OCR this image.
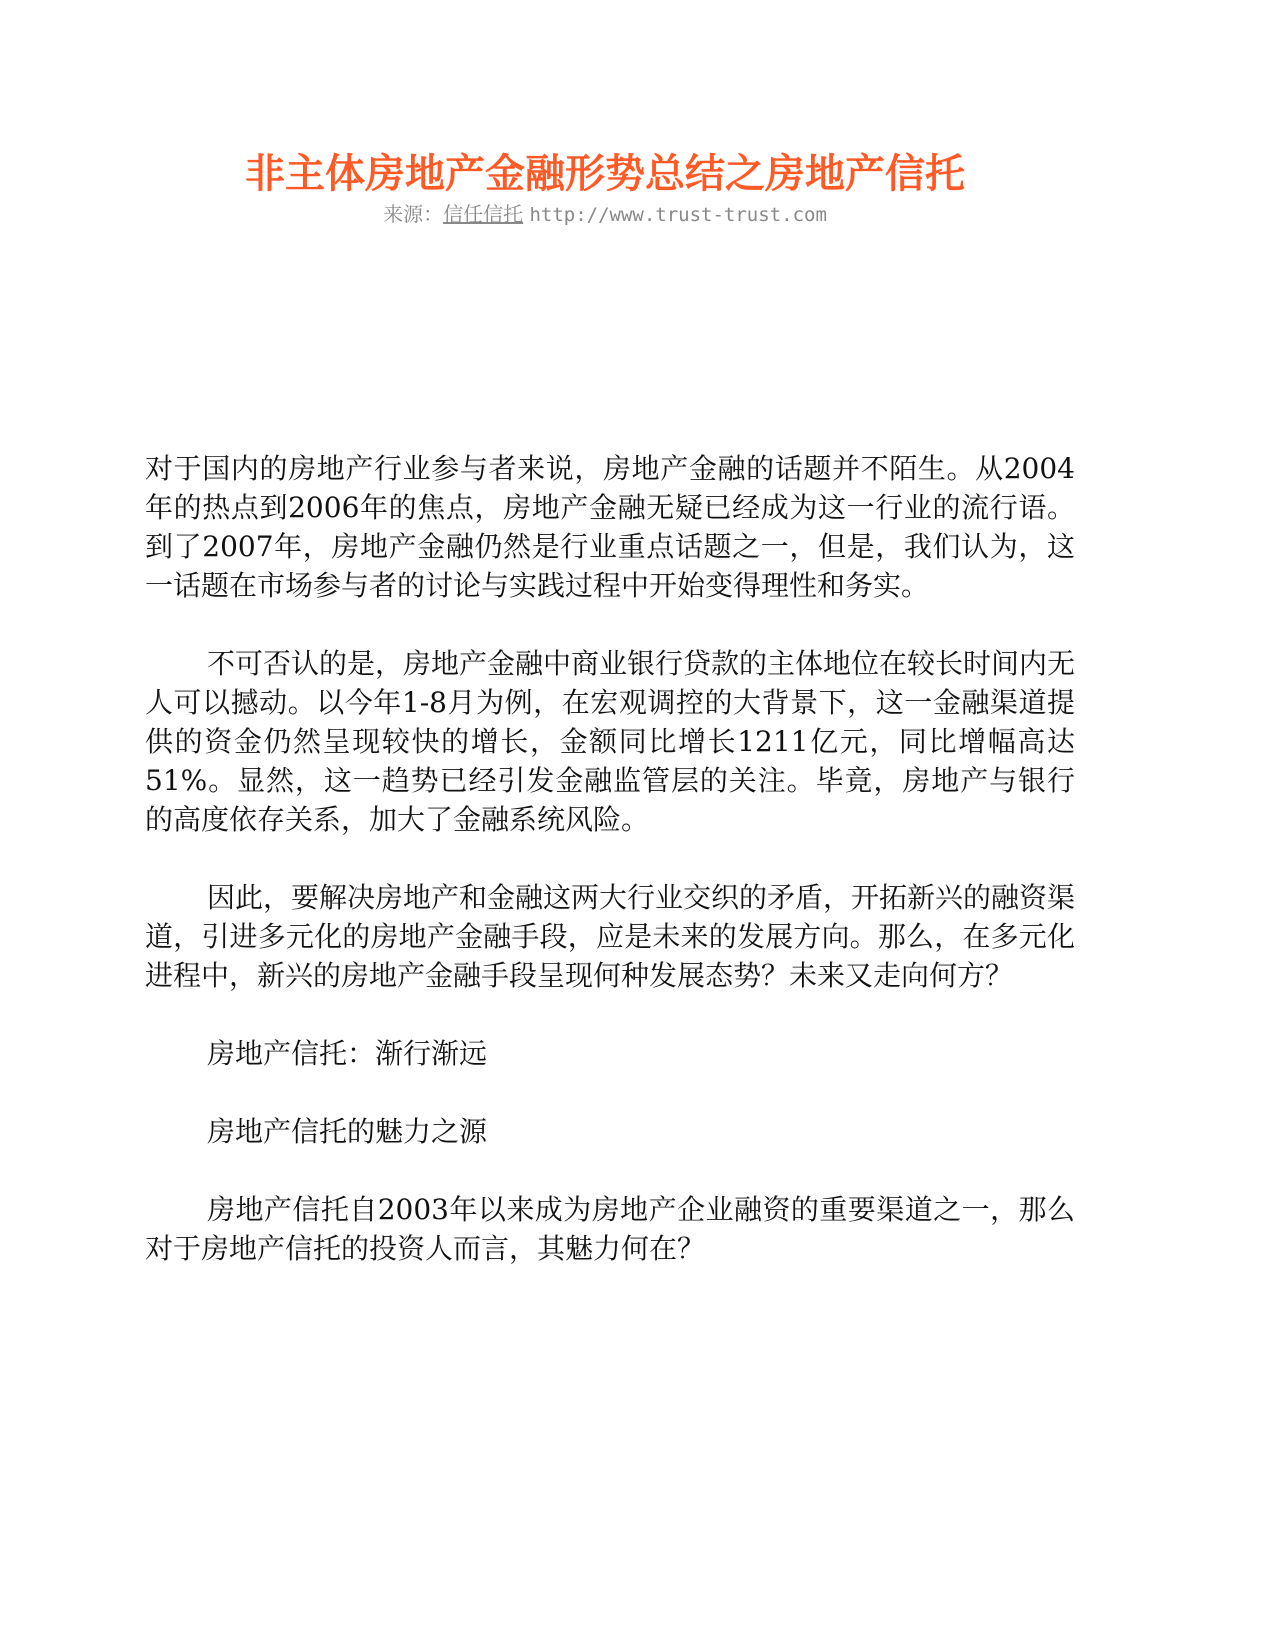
非主体房地产金融形势总结之房地产信托
来源：信任信托 http://www.trust-trust.com

对于国内的房地产行业参与者来说，房地产金融的话题并不陌生。从2004年的热点到2006年的焦点，房地产金融无疑已经成为这一行业的流行语。到了2007年，房地产金融仍然是行业重点话题之一，但是，我们认为，这一话题在市场参与者的讨论与实践过程中开始变得理性和务实。

不可否认的是，房地产金融中商业银行贷款的主体地位在较长时间内无人可以撼动。以今年1-8月为例，在宏观调控的大背景下，这一金融渠道提供的资金仍然呈现较快的增长，金额同比增长1211亿元，同比增幅高达51%。显然，这一趋势已经引发金融监管层的关注。毕竟，房地产与银行的高度依存关系，加大了金融系统风险。

因此，要解决房地产和金融这两大行业交织的矛盾，开拓新兴的融资渠道，引进多元化的房地产金融手段，应是未来的发展方向。那么，在多元化进程中，新兴的房地产金融手段呈现何种发展态势？未来又走向何方？

房地产信托：渐行渐远

房地产信托的魅力之源

房地产信托自2003年以来成为房地产企业融资的重要渠道之一，那么对于房地产信托的投资人而言，其魅力何在？
